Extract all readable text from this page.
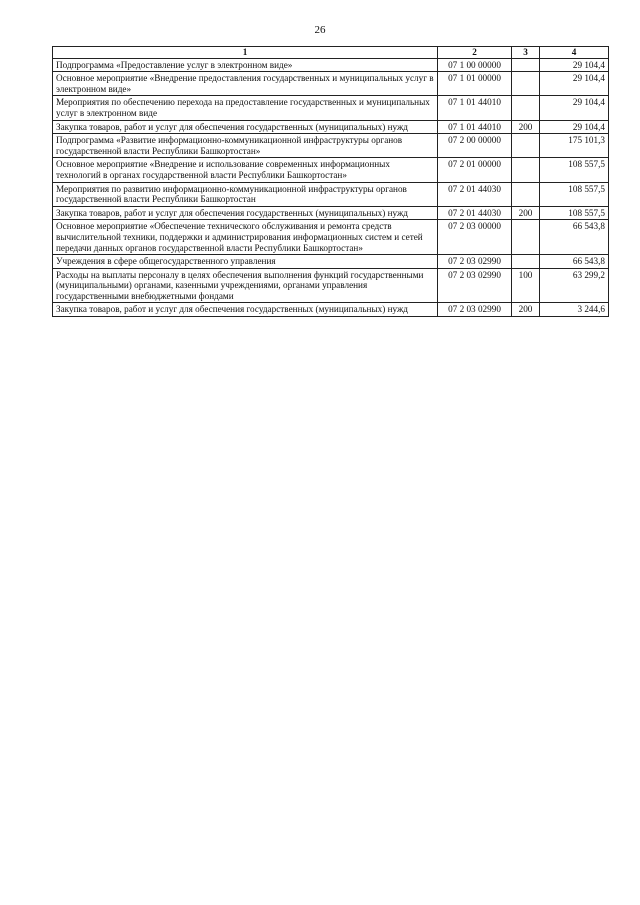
26
1	2	3	4
Подпрограмма «Предоставление услуг в электронном виде»	07 1 00 00000		29 104,4
Основное мероприятие «Внедрение предоставления государственных и муниципальных услуг в электронном виде»	07 1 01 00000		29 104,4
Мероприятия по обеспечению перехода на предоставление государственных и муниципальных услуг в электронном виде	07 1 01 44010		29 104,4
Закупка товаров, работ и услуг для обеспечения государственных (муниципальных) нужд	07 1 01 44010	200	29 104,4
Подпрограмма «Развитие информационно-коммуникационной инфраструктуры органов государственной власти Республики Башкортостан»	07 2 00 00000		175 101,3
Основное мероприятие «Внедрение и использование современных информационных технологий в органах государственной власти Республики Башкортостан»	07 2 01 00000		108 557,5
Мероприятия по развитию информационно-коммуникационной инфраструктуры органов государственной власти Республики Башкортостан	07 2 01 44030		108 557,5
Закупка товаров, работ и услуг для обеспечения государственных (муниципальных) нужд	07 2 01 44030	200	108 557,5
Основное мероприятие «Обеспечение технического обслуживания и ремонта средств вычислительной техники, поддержки и администрирования информационных систем и сетей передачи данных органов государственной власти Республики Башкортостан»	07 2 03 00000		66 543,8
Учреждения в сфере общегосударственного управления	07 2 03 02990		66 543,8
Расходы на выплаты персоналу в целях обеспечения выполнения функций государственными (муниципальными) органами, казенными учреждениями, органами управления государственными внебюджетными фондами	07 2 03 02990	100	63 299,2
Закупка товаров, работ и услуг для обеспечения государственных (муниципальных) нужд	07 2 03 02990	200	3 244,6
